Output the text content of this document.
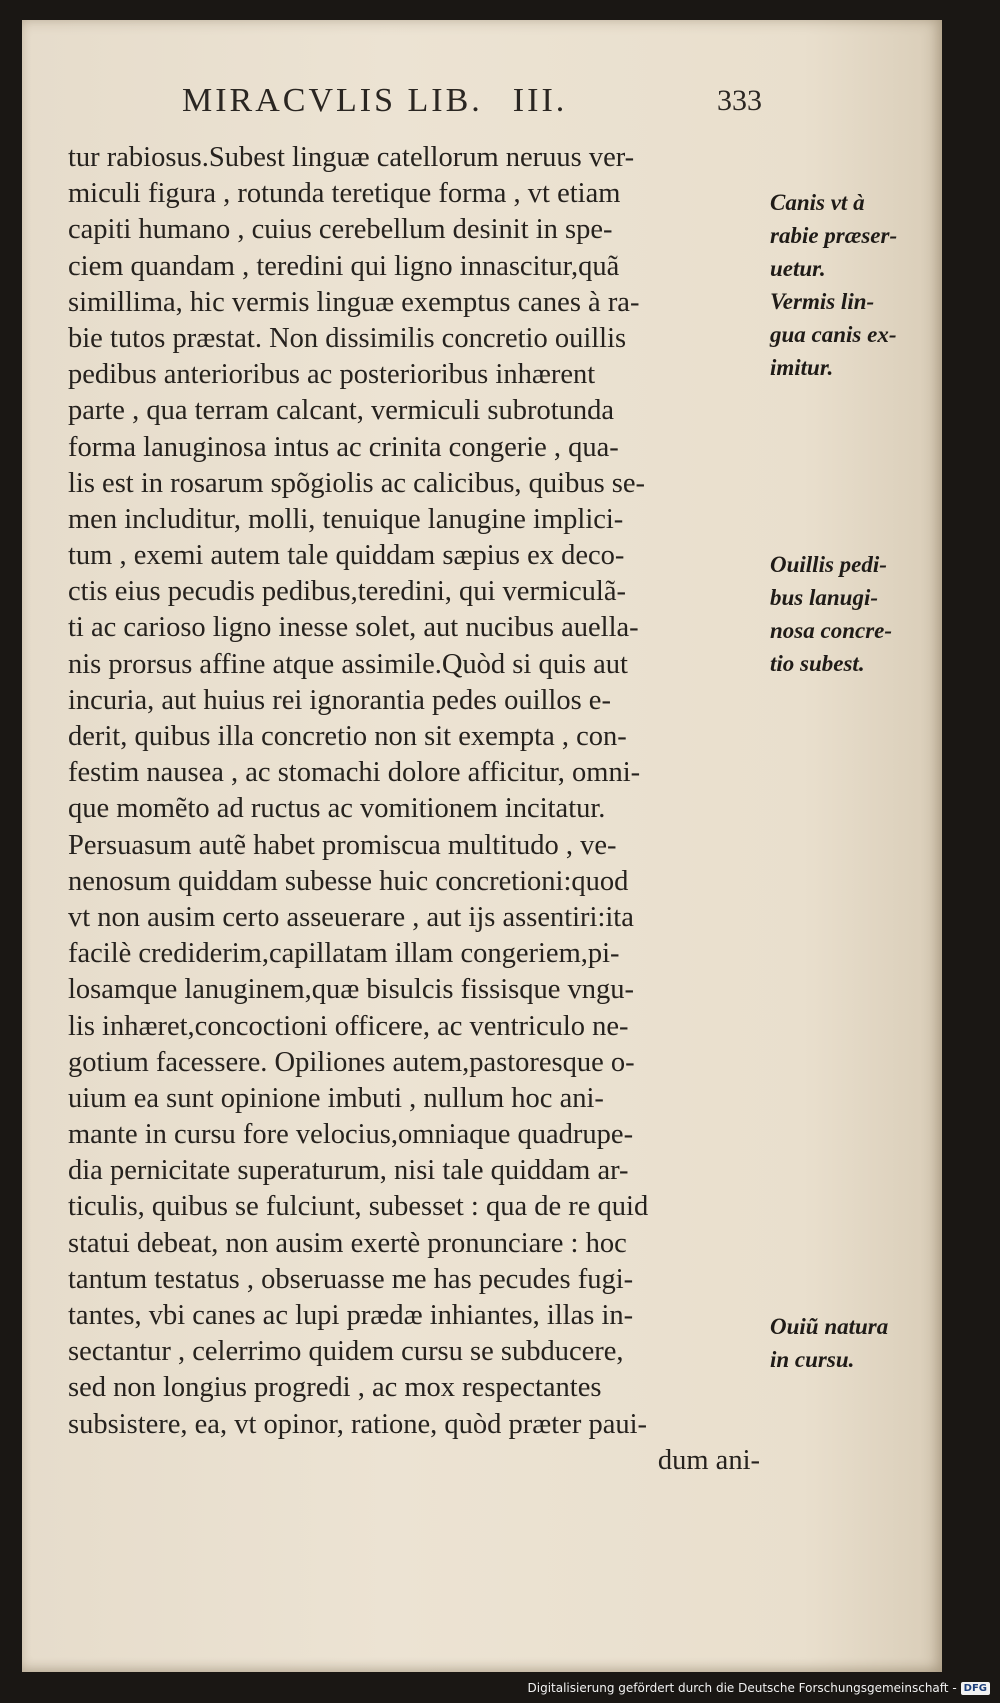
MIRACVLIS LIB. III.	333
tur rabiosus.Subest linguæ catellorum neruus ver-
miculi figura , rotunda teretique forma , vt etiam
capiti humano , cuius cerebellum desinit in spe-
ciem quandam , teredini qui ligno innascitur,quã
simillima, hic vermis linguæ exemptus canes à ra-
bie tutos præstat. Non dissimilis concretio ouillis
pedibus anterioribus ac posterioribus inhærent
parte , qua terram calcant, vermiculi subrotunda
forma lanuginosa intus ac crinita congerie , qua-
lis est in rosarum spõgiolis ac calicibus, quibus se-
men includitur, molli, tenuique lanugine implici-
tum , exemi autem tale quiddam sæpius ex deco-
ctis eius pecudis pedibus,teredini, qui vermiculã-
ti ac carioso ligno inesse solet, aut nucibus auella-
nis prorsus affine atque assimile.Quòd si quis aut
incuria, aut huius rei ignorantia pedes ouillos e-
derit, quibus illa concretio non sit exempta , con-
festim nausea , ac stomachi dolore afficitur, omni-
que momẽto ad ructus ac vomitionem incitatur.
Persuasum autẽ habet promiscua multitudo , ve-
nenosum quiddam subesse huic concretioni:quod
vt non ausim certo asseuerare , aut ijs assentiri:ita
facilè crediderim,capillatam illam congeriem,pi-
losamque lanuginem,quæ bisulcis fissisque vngu-
lis inhæret,concoctioni officere, ac ventriculo ne-
gotium facessere. Opiliones autem,pastoresque o-
uium ea sunt opinione imbuti , nullum hoc ani-
mante in cursu fore velocius,omniaque quadrupe-
dia pernicitate superaturum, nisi tale quiddam ar-
ticulis, quibus se fulciunt, subesset : qua de re quid
statui debeat, non ausim exertè pronunciare : hoc
tantum testatus , obseruasse me has pecudes fugi-
tantes, vbi canes ac lupi prædæ inhiantes, illas in-
sectantur , celerrimo quidem cursu se subducere,
sed non longius progredi , ac mox respectantes
subsistere, ea, vt opinor, ratione, quòd præter paui-
dum ani-
Canis vt à
rabie præser-
uetur.
Vermis lin-
gua canis ex-
imitur.
Ouillis pedi-
bus lanugi-
nosa concre-
tio subest.
Ouiũ natura
in cursu.
Digitalisierung gefördert durch die Deutsche Forschungsgemeinschaft - DFG
